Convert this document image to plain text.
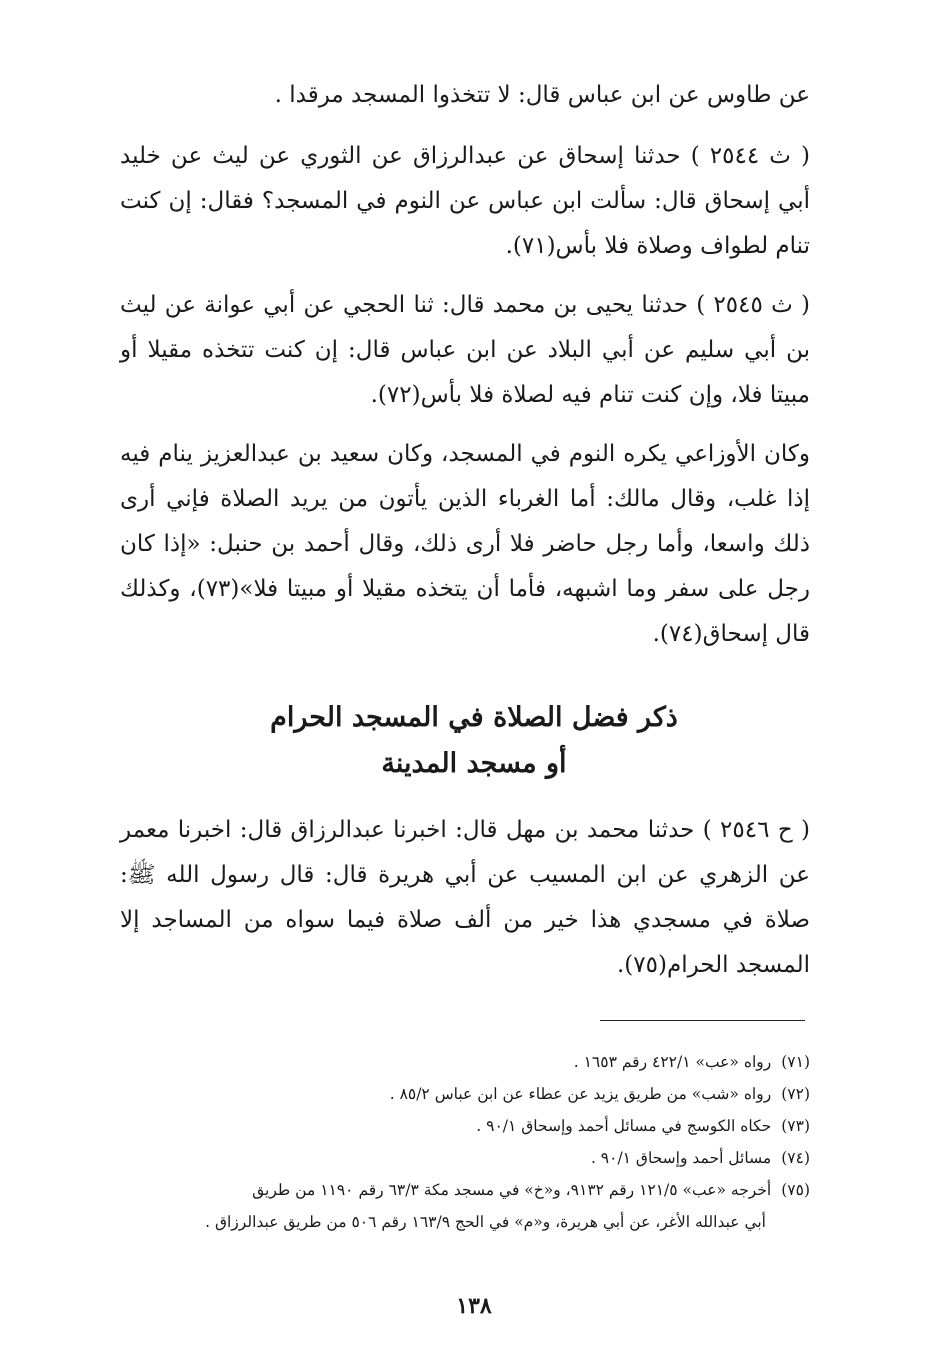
عن طاوس عن ابن عباس قال: لا تتخذوا المسجد مرقدا .

( ث ٢٥٤٤ ) حدثنا إسحاق عن عبدالرزاق عن الثوري عن ليث عن خليد أبي إسحاق قال: سألت ابن عباس عن النوم في المسجد؟ فقال: إن كنت تنام لطواف وصلاة فلا بأس(٧١).

( ث ٢٥٤٥ ) حدثنا يحيى بن محمد قال: ثنا الحجي عن أبي عوانة عن ليث بن أبي سليم عن أبي البلاد عن ابن عباس قال: إن كنت تتخذه مقيلا أو مبيتا فلا، وإن كنت تنام فيه لصلاة فلا بأس(٧٢).

وكان الأوزاعي يكره النوم في المسجد، وكان سعيد بن عبدالعزيز ينام فيه إذا غلب، وقال مالك: أما الغرباء الذين يأتون من يريد الصلاة فإني أرى ذلك واسعا، وأما رجل حاضر فلا أرى ذلك، وقال أحمد بن حنبل: «إذا كان رجل على سفر وما اشبهه، فأما أن يتخذه مقيلا أو مبيتا فلا»(٧٣)، وكذلك قال إسحاق(٧٤).

ذكر فضل الصلاة في المسجد الحرام
أو مسجد المدينة

( ح ٢٥٤٦ ) حدثنا محمد بن مهل قال: اخبرنا عبدالرزاق قال: اخبرنا معمر عن الزهري عن ابن المسيب عن أبي هريرة قال: قال رسول الله ﷺ: صلاة في مسجدي هذا خير من ألف صلاة فيما سواه من المساجد إلا المسجد الحرام(٧٥).

(٧١)رواه «عب» ٤٢٢/١ رقم ١٦٥٣ .

(٧٢)رواه «شب» من طريق يزيد عن عطاء عن ابن عباس ٨٥/٢ .

(٧٣)حكاه الكوسج في مسائل أحمد وإسحاق ٩٠/١ .

(٧٤)مسائل أحمد وإسحاق ٩٠/١ .

(٧٥)أخرجه «عب» ١٢١/٥ رقم ٩١٣٢، و«خ» في مسجد مكة ٦٣/٣ رقم ١١٩٠ من طريق

أبي عبدالله الأغر، عن أبي هريرة، و«م» في الحج ١٦٣/٩ رقم ٥٠٦ من طريق عبدالرزاق .

١٣٨
